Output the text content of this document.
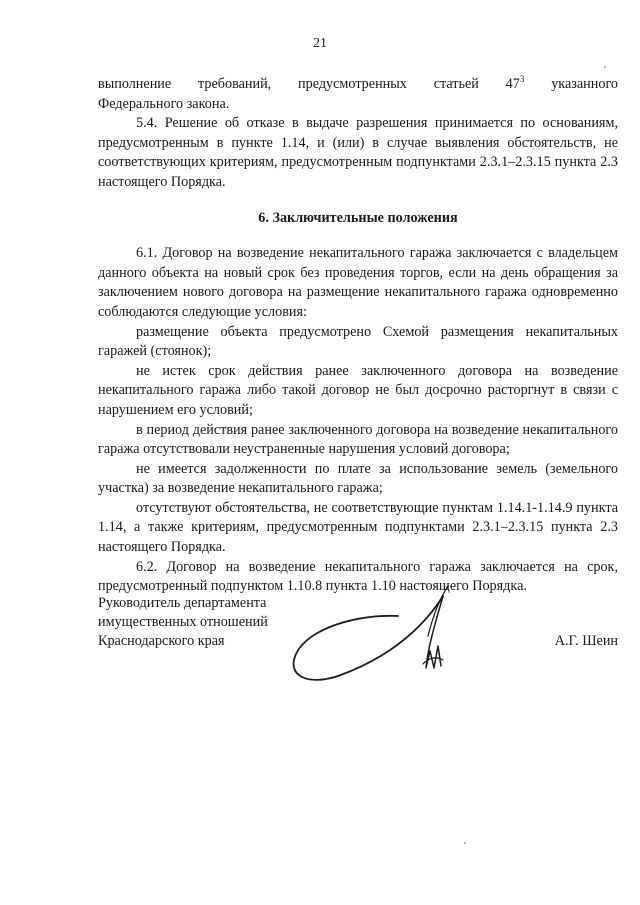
21

выполнение требований, предусмотренных статьей $47^3$ указанного

Федерального закона.

5.4. Решение об отказе в выдаче разрешения принимается по основаниям, предусмотренным в пункте 1.14, и (или) в случае выявления обстоятельств, не соответствующих критериям, предусмотренным подпунктами 2.3.1–2.3.15 пункта 2.3 настоящего Порядка.

6. Заключительные положения

6.1. Договор на возведение некапитального гаража заключается с владельцем данного объекта на новый срок без проведения торгов, если на день обращения за заключением нового договора на размещение некапитального гаража одновременно соблюдаются следующие условия:

размещение объекта предусмотрено Схемой размещения некапитальных гаражей (стоянок);

не истек срок действия ранее заключенного договора на возведение некапитального гаража либо такой договор не был досрочно расторгнут в связи с нарушением его условий;

в период действия ранее заключенного договора на возведение некапитального гаража отсутствовали неустраненные нарушения условий договора;

не имеется задолженности по плате за использование земель (земельного участка) за возведение некапитального гаража;

отсутствуют обстоятельства, не соответствующие пунктам 1.14.1-1.14.9 пункта 1.14, а также критериям, предусмотренным подпунктами 2.3.1–2.3.15 пункта 2.3 настоящего Порядка.

6.2. Договор на возведение некапитального гаража заключается на срок, предусмотренный подпунктом 1.10.8 пункта 1.10 настоящего Порядка.

Руководитель департамента
имущественных отношений
Краснодарского края	А.Г. Шеин
